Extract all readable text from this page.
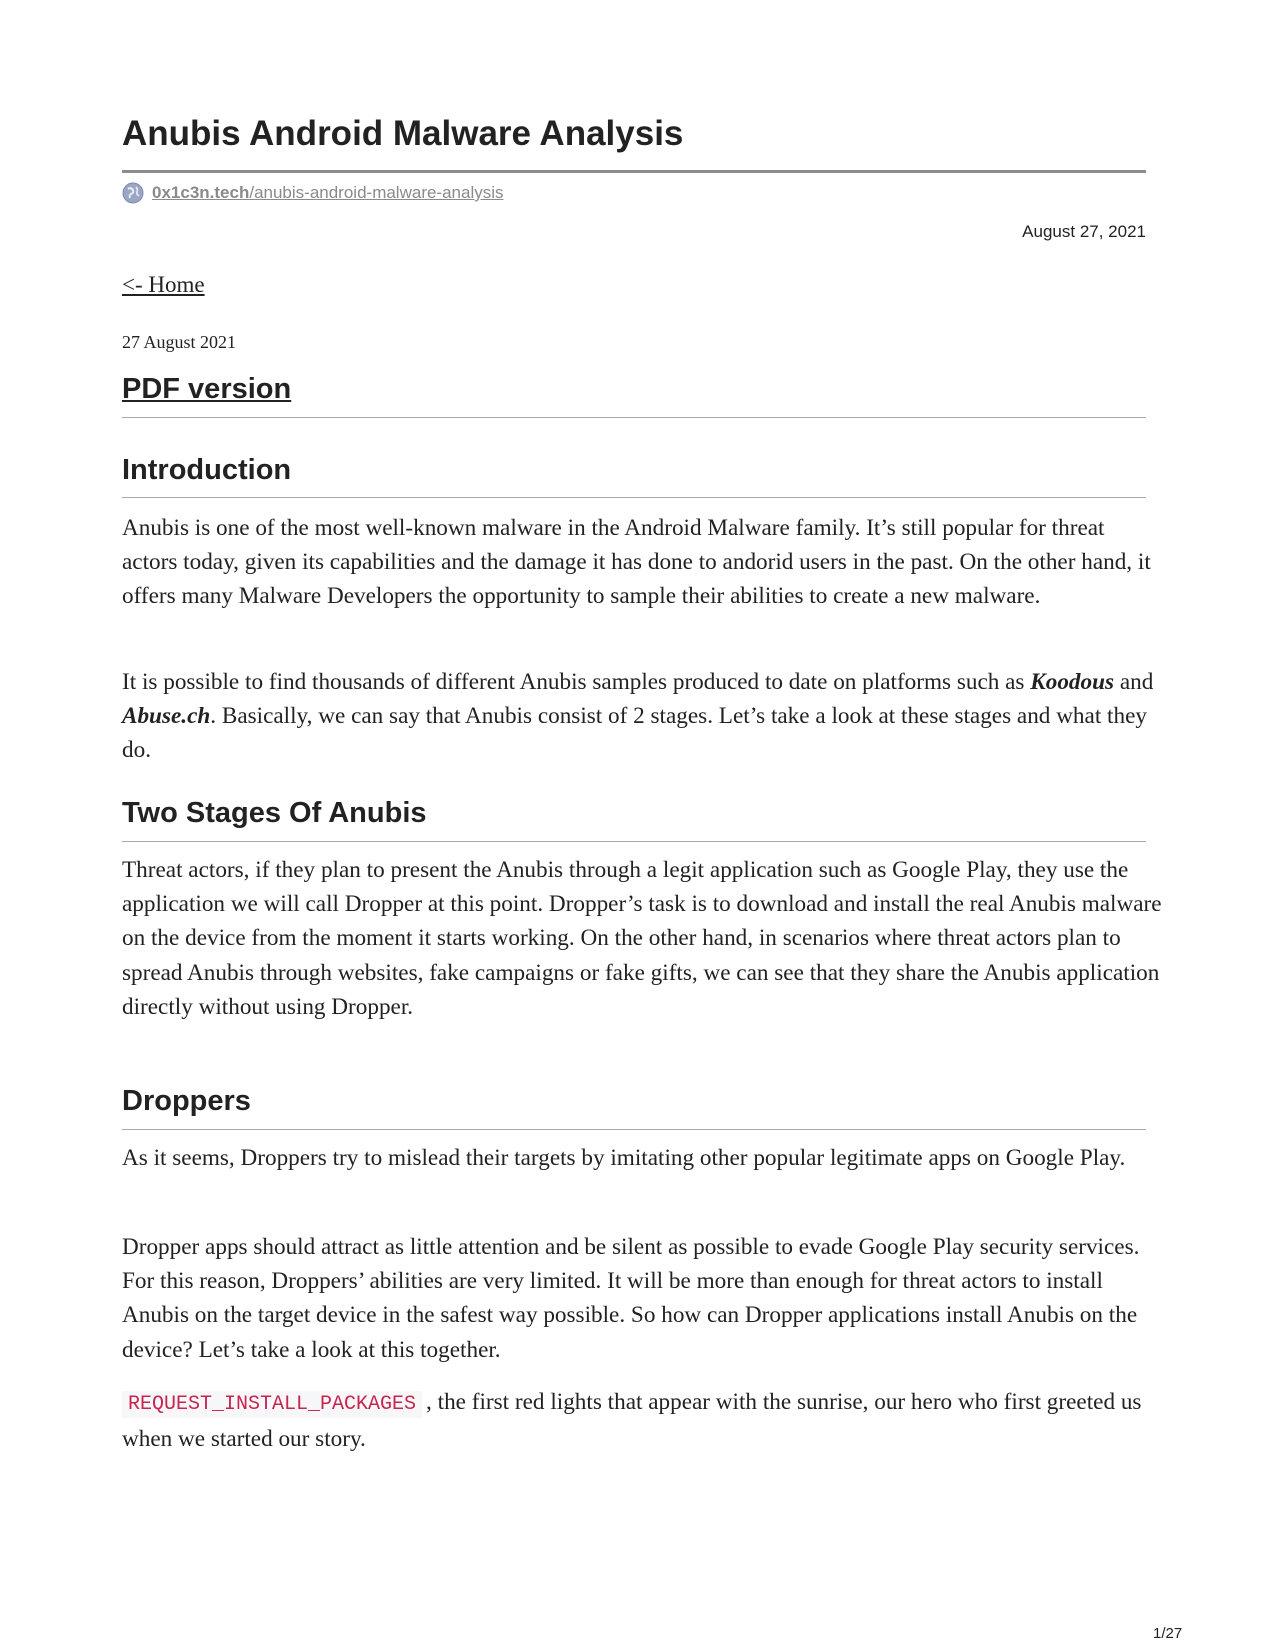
Anubis Android Malware Analysis
0x1c3n.tech/anubis-android-malware-analysis
August 27, 2021
<- Home
27 August 2021
PDF version
Introduction

Anubis is one of the most well-known malware in the Android Malware family. It’s still popular for threat actors today, given its capabilities and the damage it has done to andorid users in the past. On the other hand, it offers many Malware Developers the opportunity to sample their abilities to create a new malware.

It is possible to find thousands of different Anubis samples produced to date on platforms such as Koodous and Abuse.ch. Basically, we can say that Anubis consist of 2 stages. Let’s take a look at these stages and what they do.

Two Stages Of Anubis

Threat actors, if they plan to present the Anubis through a legit application such as Google Play, they use the application we will call Dropper at this point. Dropper’s task is to download and install the real Anubis malware on the device from the moment it starts working. On the other hand, in scenarios where threat actors plan to spread Anubis through websites, fake campaigns or fake gifts, we can see that they share the Anubis application directly without using Dropper.

Droppers

As it seems, Droppers try to mislead their targets by imitating other popular legitimate apps on Google Play.

Dropper apps should attract as little attention and be silent as possible to evade Google Play security services. For this reason, Droppers’ abilities are very limited. It will be more than enough for threat actors to install Anubis on the target device in the safest way possible. So how can Dropper applications install Anubis on the device? Let’s take a look at this together.

REQUEST_INSTALL_PACKAGES , the first red lights that appear with the sunrise, our hero who first greeted us when we started our story.

1/27
